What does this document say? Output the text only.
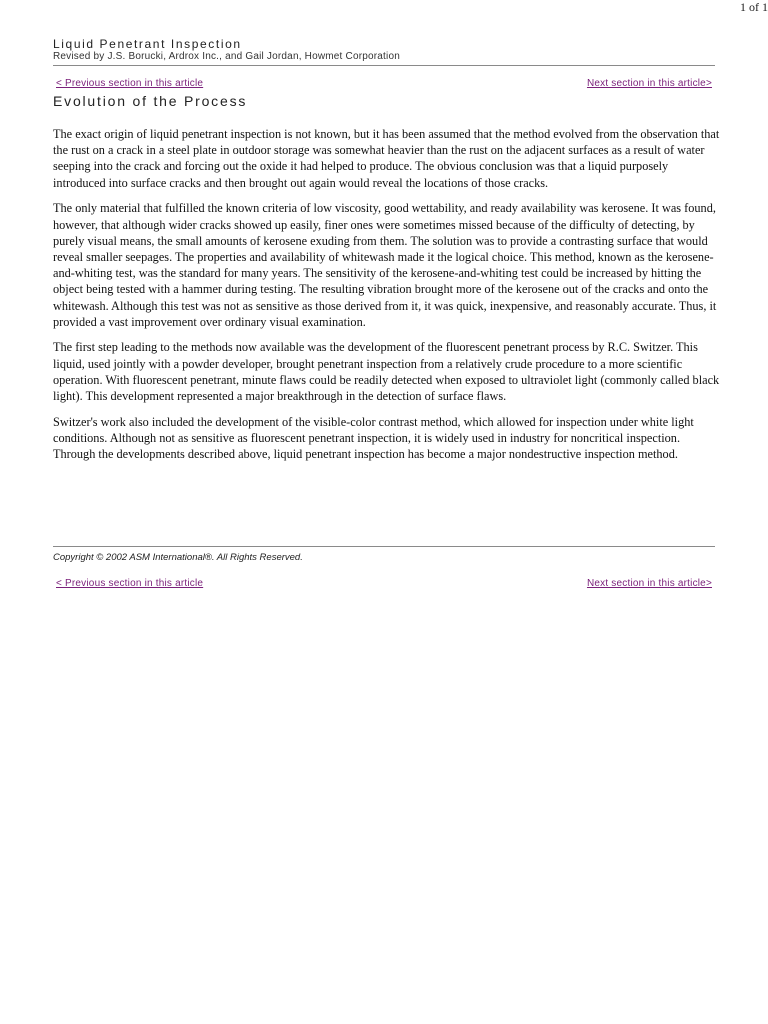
1 of 1
Liquid Penetrant Inspection
Revised by J.S. Borucki, Ardrox Inc., and Gail Jordan, Howmet Corporation
< Previous section in this article	Next section in this article>
Evolution of the Process

The exact origin of liquid penetrant inspection is not known, but it has been assumed that the method evolved from the observation that the rust on a crack in a steel plate in outdoor storage was somewhat heavier than the rust on the adjacent surfaces as a result of water seeping into the crack and forcing out the oxide it had helped to produce. The obvious conclusion was that a liquid purposely introduced into surface cracks and then brought out again would reveal the locations of those cracks.

The only material that fulfilled the known criteria of low viscosity, good wettability, and ready availability was kerosene. It was found, however, that although wider cracks showed up easily, finer ones were sometimes missed because of the difficulty of detecting, by purely visual means, the small amounts of kerosene exuding from them. The solution was to provide a contrasting surface that would reveal smaller seepages. The properties and availability of whitewash made it the logical choice. This method, known as the kerosene-and-whiting test, was the standard for many years. The sensitivity of the kerosene-and-whiting test could be increased by hitting the object being tested with a hammer during testing. The resulting vibration brought more of the kerosene out of the cracks and onto the whitewash. Although this test was not as sensitive as those derived from it, it was quick, inexpensive, and reasonably accurate. Thus, it provided a vast improvement over ordinary visual examination.

The first step leading to the methods now available was the development of the fluorescent penetrant process by R.C. Switzer. This liquid, used jointly with a powder developer, brought penetrant inspection from a relatively crude procedure to a more scientific operation. With fluorescent penetrant, minute flaws could be readily detected when exposed to ultraviolet light (commonly called black light). This development represented a major breakthrough in the detection of surface flaws.

Switzer's work also included the development of the visible-color contrast method, which allowed for inspection under white light conditions. Although not as sensitive as fluorescent penetrant inspection, it is widely used in industry for noncritical inspection. Through the developments described above, liquid penetrant inspection has become a major nondestructive inspection method.

Copyright © 2002 ASM International®. All Rights Reserved.
< Previous section in this article	Next section in this article>
